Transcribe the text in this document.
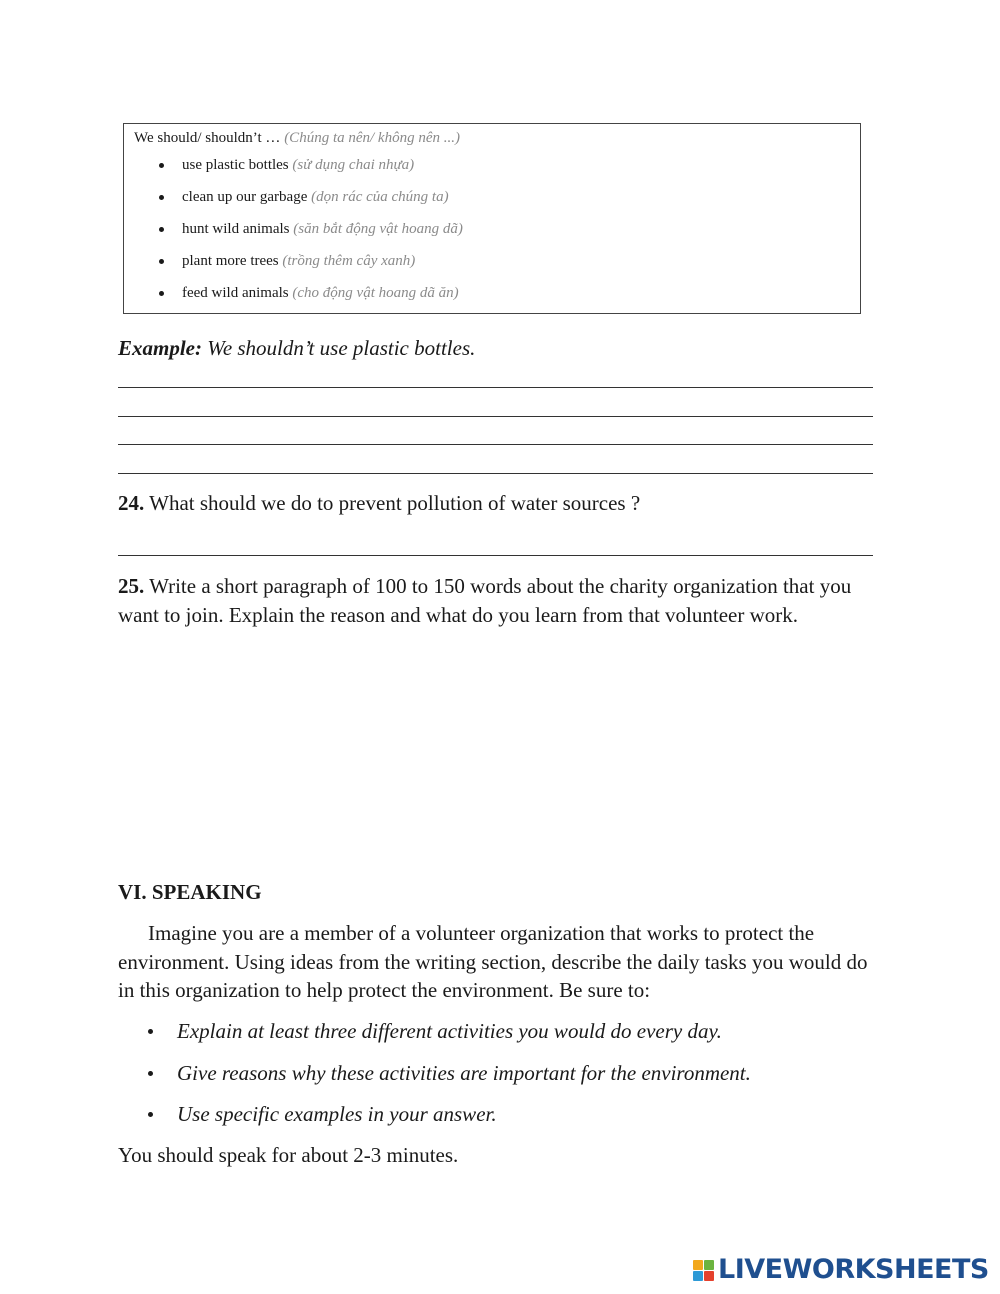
We should/ shouldn’t … (Chúng ta nên/ không nên ...)
use plastic bottles (sử dụng chai nhựa)
clean up our garbage (dọn rác của chúng ta)
hunt wild animals (săn bắt động vật hoang dã)
plant more trees (trồng thêm cây xanh)
feed wild animals (cho động vật hoang dã ăn)
Example: We shouldn’t use plastic bottles.
24. What should we do to prevent pollution of water sources ?
25. Write a short paragraph of 100 to 150 words about the charity organization that you want to join. Explain the reason and what do you learn from that volunteer work.
VI. SPEAKING
Imagine you are a member of a volunteer organization that works to protect the environment. Using ideas from the writing section, describe the daily tasks you would do in this organization to help protect the environment. Be sure to:
Explain at least three different activities you would do every day.
Give reasons why these activities are important for the environment.
Use specific examples in your answer.
You should speak for about 2-3 minutes.
LIVEWORKSHEETS
